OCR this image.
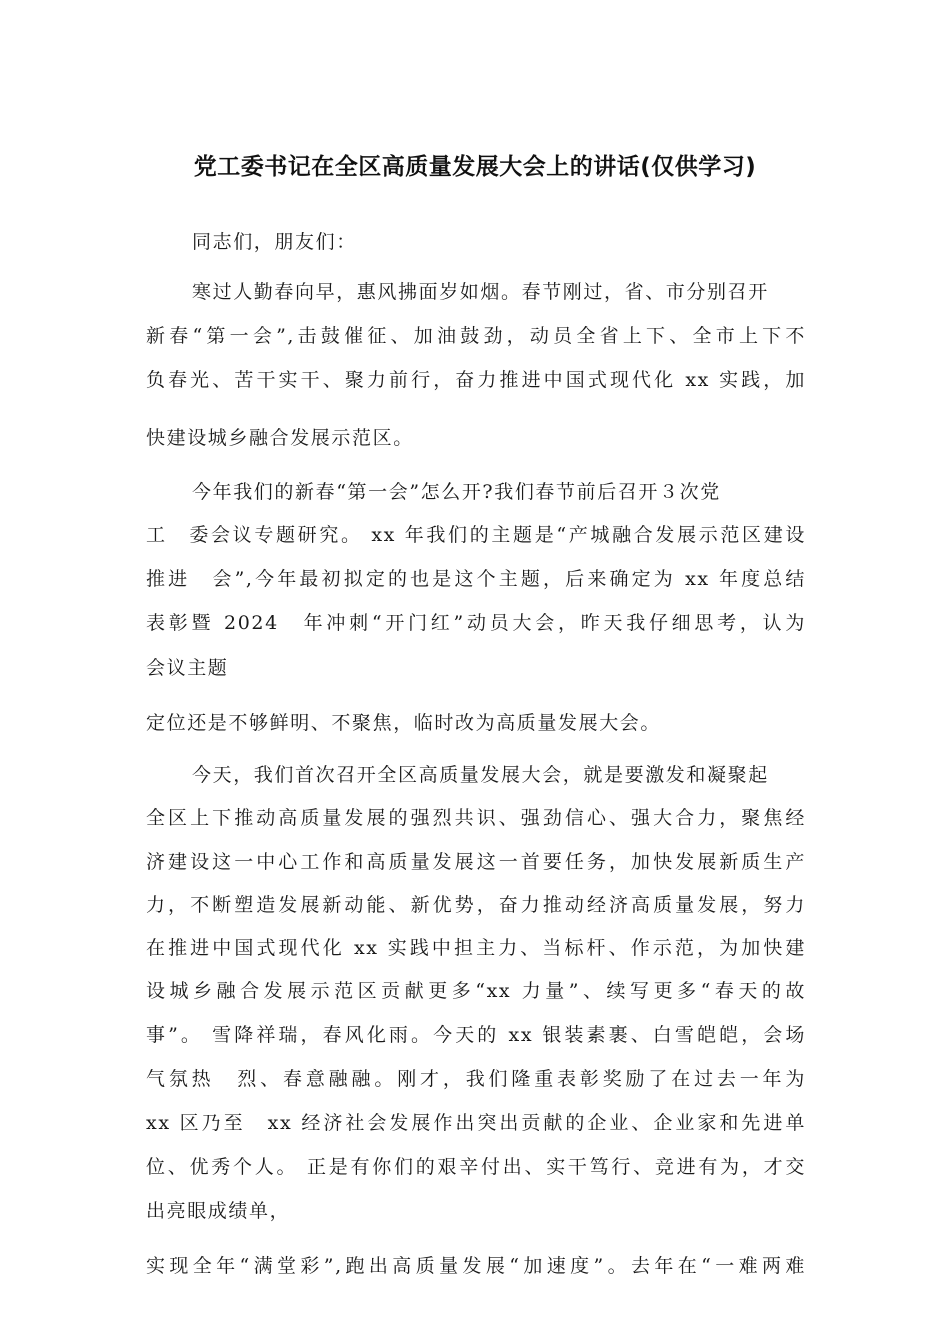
党工委书记在全区高质量发展大会上的讲话(仅供学习)
同志们，朋友们：
寒过人勤春向早，惠风拂面岁如烟。春节刚过，省、市分别召开
新春“第一会”,击鼓催征、加油鼓劲，动员全省上下、全市上下不
负春光、苦干实干、聚力前行，奋力推进中国式现代化 xx 实践，加
快建设城乡融合发展示范区。
今年我们的新春“第一会”怎么开?我们春节前后召开３次党
工　委会议专题研究。 xx 年我们的主题是“产城融合发展示范区建设
推进　会”,今年最初拟定的也是这个主题，后来确定为 xx 年度总结
表彰暨 2024　年冲刺“开门红”动员大会，昨天我仔细思考，认为
会议主题
定位还是不够鲜明、不聚焦，临时改为高质量发展大会。
今天，我们首次召开全区高质量发展大会，就是要激发和凝聚起
全区上下推动高质量发展的强烈共识、强劲信心、强大合力，聚焦经
济建设这一中心工作和高质量发展这一首要任务，加快发展新质生产
力，不断塑造发展新动能、新优势，奋力推动经济高质量发展，努力
在推进中国式现代化 xx 实践中担主力、当标杆、作示范，为加快建
设城乡融合发展示范区贡献更多“xx 力量”、续写更多“春天的故
事”。 雪降祥瑞，春风化雨。今天的 xx 银装素裹、白雪皑皑，会场
气氛热　烈、春意融融。刚才，我们隆重表彰奖励了在过去一年为
xx 区乃至　xx 经济社会发展作出突出贡献的企业、企业家和先进单
位、优秀个人。 正是有你们的艰辛付出、实干笃行、竞进有为，才交
出亮眼成绩单，
实现全年“满堂彩”,跑出高质量发展“加速度”。去年在“一难两难
